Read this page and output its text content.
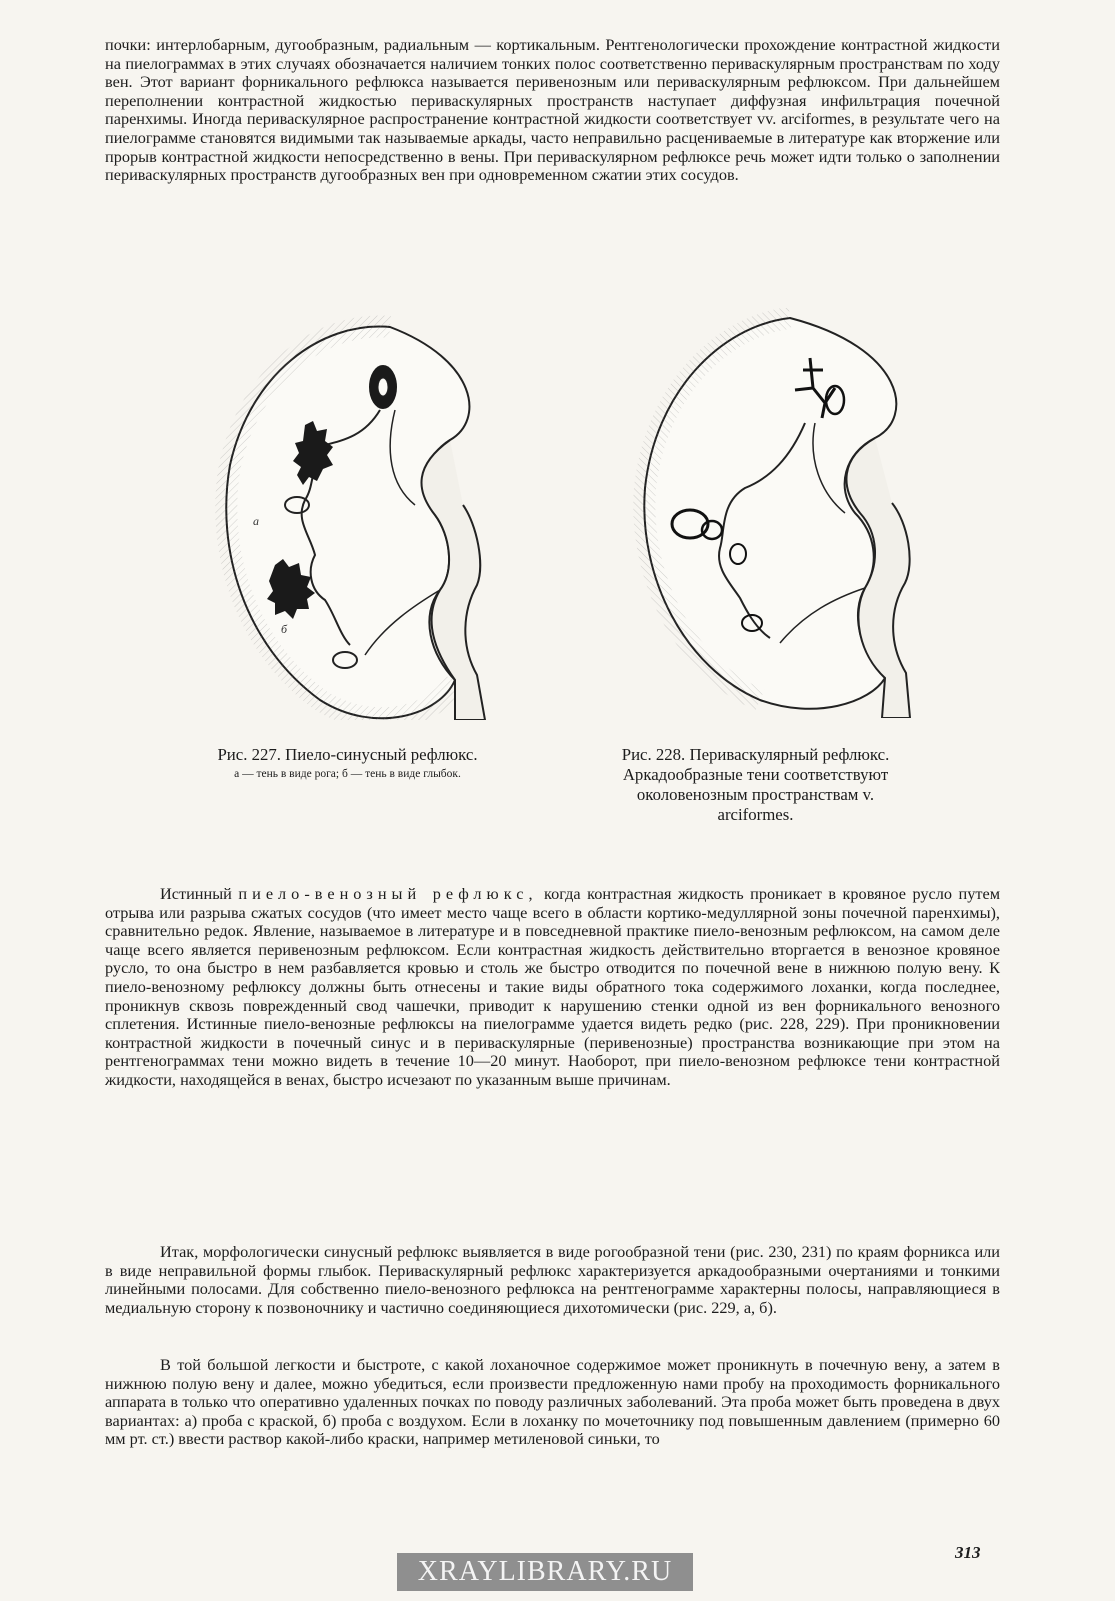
почки: интерлобарным, дугообразным, радиальным — кортикальным. Рентгенологически прохождение контрастной жидкости на пиелограммах в этих случаях обозначается наличием тонких полос соответственно периваскулярным пространствам по ходу вен. Этот вариант форникального рефлюкса называется перивенозным или периваскулярным рефлюксом. При дальнейшем переполнении контрастной жидкостью периваскулярных пространств наступает диффузная инфильтрация почечной паренхимы. Иногда периваскулярное распространение контрастной жидкости соответствует vv. arciformes, в результате чего на пиелограмме становятся видимыми так называемые аркады, часто неправильно расцениваемые в литературе как вторжение или прорыв контрастной жидкости непосредственно в вены. При периваскулярном рефлюксе речь может идти только о заполнении периваскулярных пространств дугообразных вен при одновременном сжатии этих сосудов.

а
б
Рис. 227. Пиело-синусный рефлюкс.
а — тень в виде рога; б — тень в виде глыбок.
Рис. 228. Периваскулярный рефлюкс. Аркадообразные тени соответствуют околовенозным пространствам v. arciformes.

Истинный пиело-венозный рефлюкс, когда контрастная жидкость проникает в кровяное русло путем отрыва или разрыва сжатых сосудов (что имеет место чаще всего в области кортико-медуллярной зоны почечной паренхимы), сравнительно редок. Явление, называемое в литературе и в повседневной практике пиело-венозным рефлюксом, на самом деле чаще всего является перивенозным рефлюксом. Если контрастная жидкость действительно вторгается в венозное кровяное русло, то она быстро в нем разбавляется кровью и столь же быстро отводится по почечной вене в нижнюю полую вену. К пиело-венозному рефлюксу должны быть отнесены и такие виды обратного тока содержимого лоханки, когда последнее, проникнув сквозь поврежденный свод чашечки, приводит к нарушению стенки одной из вен форникального венозного сплетения. Истинные пиело-венозные рефлюксы на пиелограмме удается видеть редко (рис. 228, 229). При проникновении контрастной жидкости в почечный синус и в периваскулярные (перивенозные) пространства возникающие при этом на рентгенограммах тени можно видеть в течение 10—20 минут. Наоборот, при пиело-венозном рефлюксе тени контрастной жидкости, находящейся в венах, быстро исчезают по указанным выше причинам.

Итак, морфологически синусный рефлюкс выявляется в виде рогообразной тени (рис. 230, 231) по краям форникса или в виде неправильной формы глыбок. Периваскулярный рефлюкс характеризуется аркадообразными очертаниями и тонкими линейными полосами. Для собственно пиело-венозного рефлюкса на рентгенограмме характерны полосы, направляющиеся в медиальную сторону к позвоночнику и частично соединяющиеся дихотомически (рис. 229, а, б).

В той большой легкости и быстроте, с какой лоханочное содержимое может проникнуть в почечную вену, а затем в нижнюю полую вену и далее, можно убедиться, если произвести предложенную нами пробу на проходимость форникального аппарата в только что оперативно удаленных почках по поводу различных заболеваний. Эта проба может быть проведена в двух вариантах: а) проба с краской, б) проба с воздухом. Если в лоханку по мочеточнику под повышенным давлением (примерно 60 мм рт. ст.) ввести раствор какой-либо краски, например метиленовой синьки, то

313
XRAYLIBRARY.RU
